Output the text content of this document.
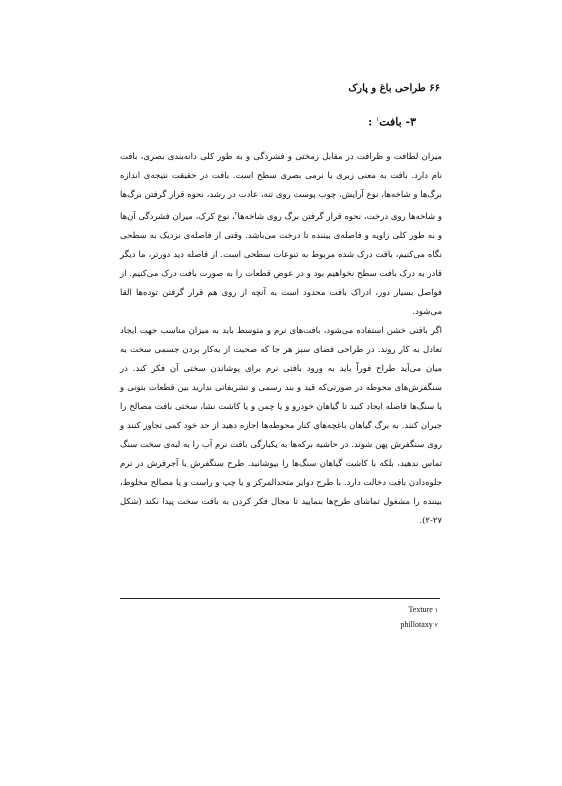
۶۶ طراحی باغ و پارک
۳- بافت$^۱$ :

میزان لطافت و ظرافت در مقابل زمختی و فشردگی و به طور کلی دانه‌بندی بصری، بافت نام دارد. بافت به معنی زبری یا نرمی بصری سطح است. بافت در حقیقت نتیجه‌ی اندازه برگ‌ها و شاخه‌ها، نوع آرایش، چوب پوست روی تنه، عادت در رشد، نحوه قرار گرفتن برگ‌ها و شاخه‌ها روی درخت، نحوه قرار گرفتن برگ روی شاخه‌ها$^۲$، نوع کرک، میزان فشردگی آن‌ها و به طور کلی زاویه و فاصله‌ی بیننده تا درخت می‌باشد. وقتی از فاصله‌ی نزدیک به سطحی نگاه می‌کنیم، بافت درک شده مربوط به تنوعات سطحی است. از فاصله دید دورتر، ما دیگر قادر به درک بافت سطح نخواهیم بود و در عوض قطعات را به صورت بافت درک می‌کنیم. از فواصل بسیار دور، ادراک بافت محدود است به آنچه از روی هم قرار گرفتن توده‌ها القا می‌شود.

اگر بافتی خشن استفاده می‌شود، بافت‌های نرم و متوسط باید به میزان مناسب جهت ایجاد تعادل به کار روند. در طراحی فضای سبز هر جا که صحبت از به‌کار بردن جسمی سخت به میان می‌آید طراح فوراً باید به ورود بافتی نرم برای پوشاندن سختی آن فکر کند. در سنگفرش‌های محوطه در صورتی‌که قید و بند رسمی و تشریفاتی ندارید بین قطعات بتونی و یا سنگ‌ها فاصله ایجاد کنید تا گیاهان خودرو و یا چمن و یا کاشت نشا، سختی بافت مصالح را جبران کنند. به برگ گیاهان باغچه‌های کنار محوطه‌ها اجازه دهید از حد خود کمی تجاوز کنند و روی سنگفرش پهن شوند. در حاشیه برکه‌ها به یکبارگی بافت نرم آب را به لبه‌ی سخت سنگ تماس ندهید، بلکه با کاشت گیاهان سنگ‌ها را بپوشانید. طرح سنگفرش یا آجرفرش در نرم جلوه‌دادن بافت دخالت دارد. با طرح دوایر متحدالمرکز و یا چپ و راست و یا مصالح مخلوط، بیننده را مشغول تماشای طرح‌ها بنمایید تا مجال فکر کردن به بافت سخت پیدا نکند (شکل ۲۷-۲).

۱ Texture
۲ phillotaxy
